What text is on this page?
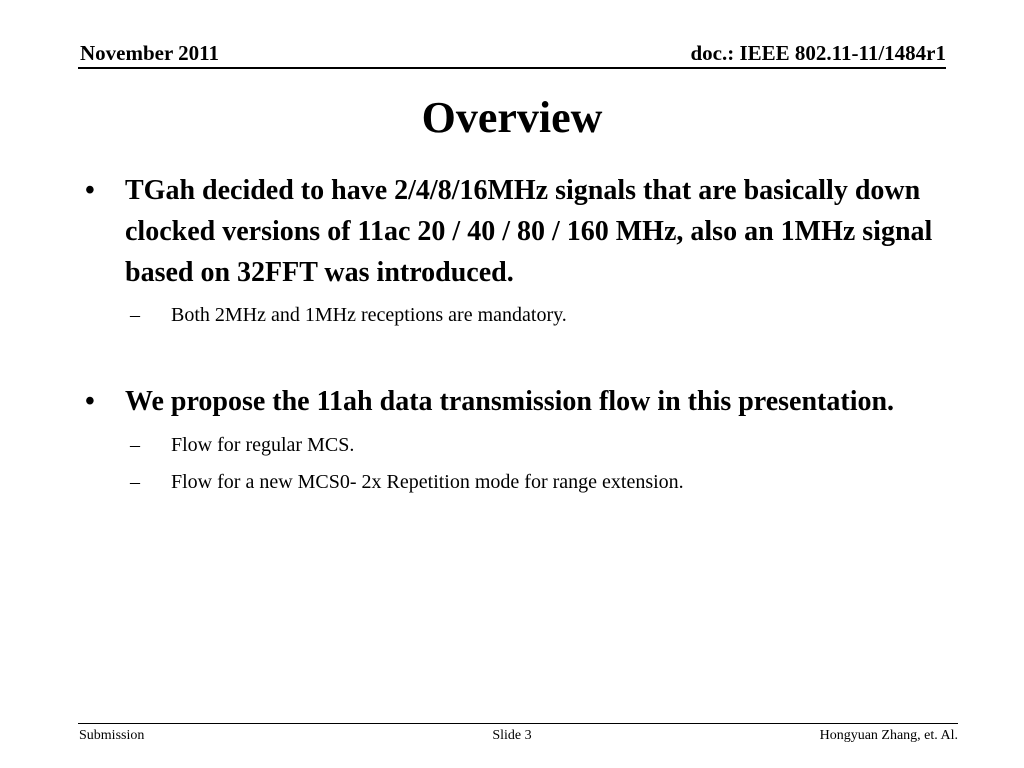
November 2011	doc.: IEEE 802.11-11/1484r1
Overview
•	TGah decided to have 2/4/8/16MHz signals that are basically down clocked versions of 11ac 20 / 40 / 80 / 160 MHz, also an 1MHz signal based on 32FFT was introduced.
–	Both 2MHz and 1MHz receptions are mandatory.
•	We propose the 11ah data transmission flow in this presentation.
–	Flow for regular MCS.
–	Flow for a new MCS0- 2x Repetition mode for range extension.
Submission	Slide 3	Hongyuan Zhang, et. Al.
